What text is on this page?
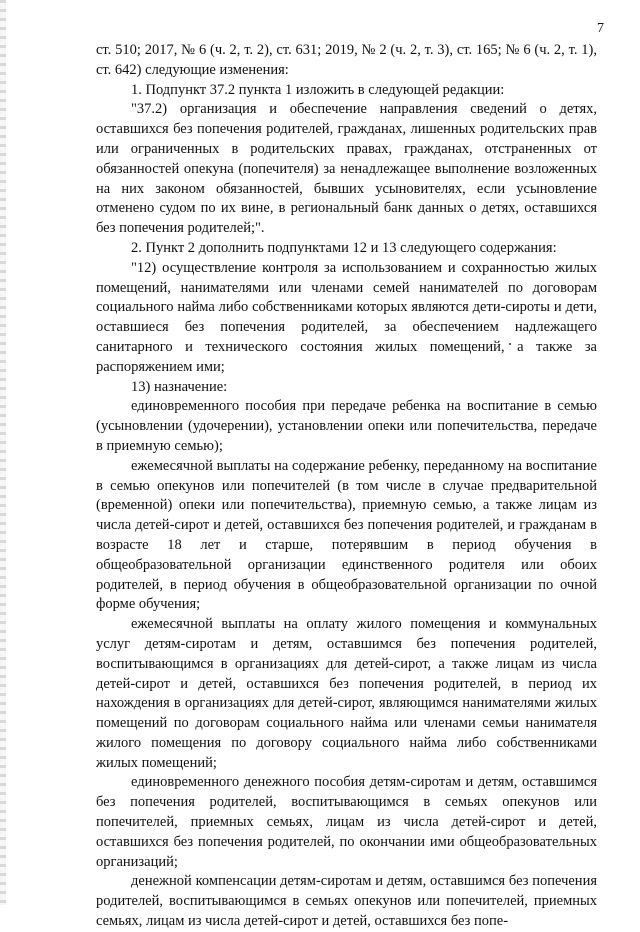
7

ст. 510; 2017, № 6 (ч. 2, т. 2), ст. 631; 2019, № 2 (ч. 2, т. 3), ст. 165; № 6 (ч. 2, т. 1), ст. 642) следующие изменения:

1. Подпункт 37.2 пункта 1 изложить в следующей редакции:

"37.2) организация и обеспечение направления сведений о детях, оставшихся без попечения родителей, гражданах, лишенных родительских прав или ограниченных в родительских правах, гражданах, отстраненных от обязанностей опекуна (попечителя) за ненадлежащее выполнение возложенных на них законом обязанностей, бывших усыновителях, если усыновление отменено судом по их вине, в региональный банк данных о детях, оставшихся без попечения родителей;".

2. Пункт 2 дополнить подпунктами 12 и 13 следующего содержания:

"12) осуществление контроля за использованием и сохранностью жилых помещений, нанимателями или членами семей нанимателей по договорам социального найма либо собственниками которых являются дети-сироты и дети, оставшиеся без попечения родителей, за обеспечением надлежащего санитарного и технического состояния жилых помещений, а также за распоряжением ими;

13) назначение:

единовременного пособия при передаче ребенка на воспитание в семью (усыновлении (удочерении), установлении опеки или попечительства, передаче в приемную семью);

ежемесячной выплаты на содержание ребенку, переданному на воспитание в семью опекунов или попечителей (в том числе в случае предварительной (временной) опеки или попечительства), приемную семью, а также лицам из числа детей-сирот и детей, оставшихся без попечения родителей, и гражданам в возрасте 18 лет и старше, потерявшим в период обучения в общеобразовательной организации единственного родителя или обоих родителей, в период обучения в общеобразовательной организации по очной форме обучения;

ежемесячной выплаты на оплату жилого помещения и коммунальных услуг детям-сиротам и детям, оставшимся без попечения родителей, воспитывающимся в организациях для детей-сирот, а также лицам из числа детей-сирот и детей, оставшихся без попечения родителей, в период их нахождения в организациях для детей-сирот, являющимся нанимателями жилых помещений по договорам социального найма или членами семьи нанимателя жилого помещения по договору социального найма либо собственниками жилых помещений;

единовременного денежного пособия детям-сиротам и детям, оставшимся без попечения родителей, воспитывающимся в семьях опекунов или попечителей, приемных семьях, лицам из числа детей-сирот и детей, оставшихся без попечения родителей, по окончании ими общеобразовательных организаций;

денежной компенсации детям-сиротам и детям, оставшимся без попечения родителей, воспитывающимся в семьях опекунов или попечителей, приемных семьях, лицам из числа детей-сирот и детей, оставшихся без попе-
